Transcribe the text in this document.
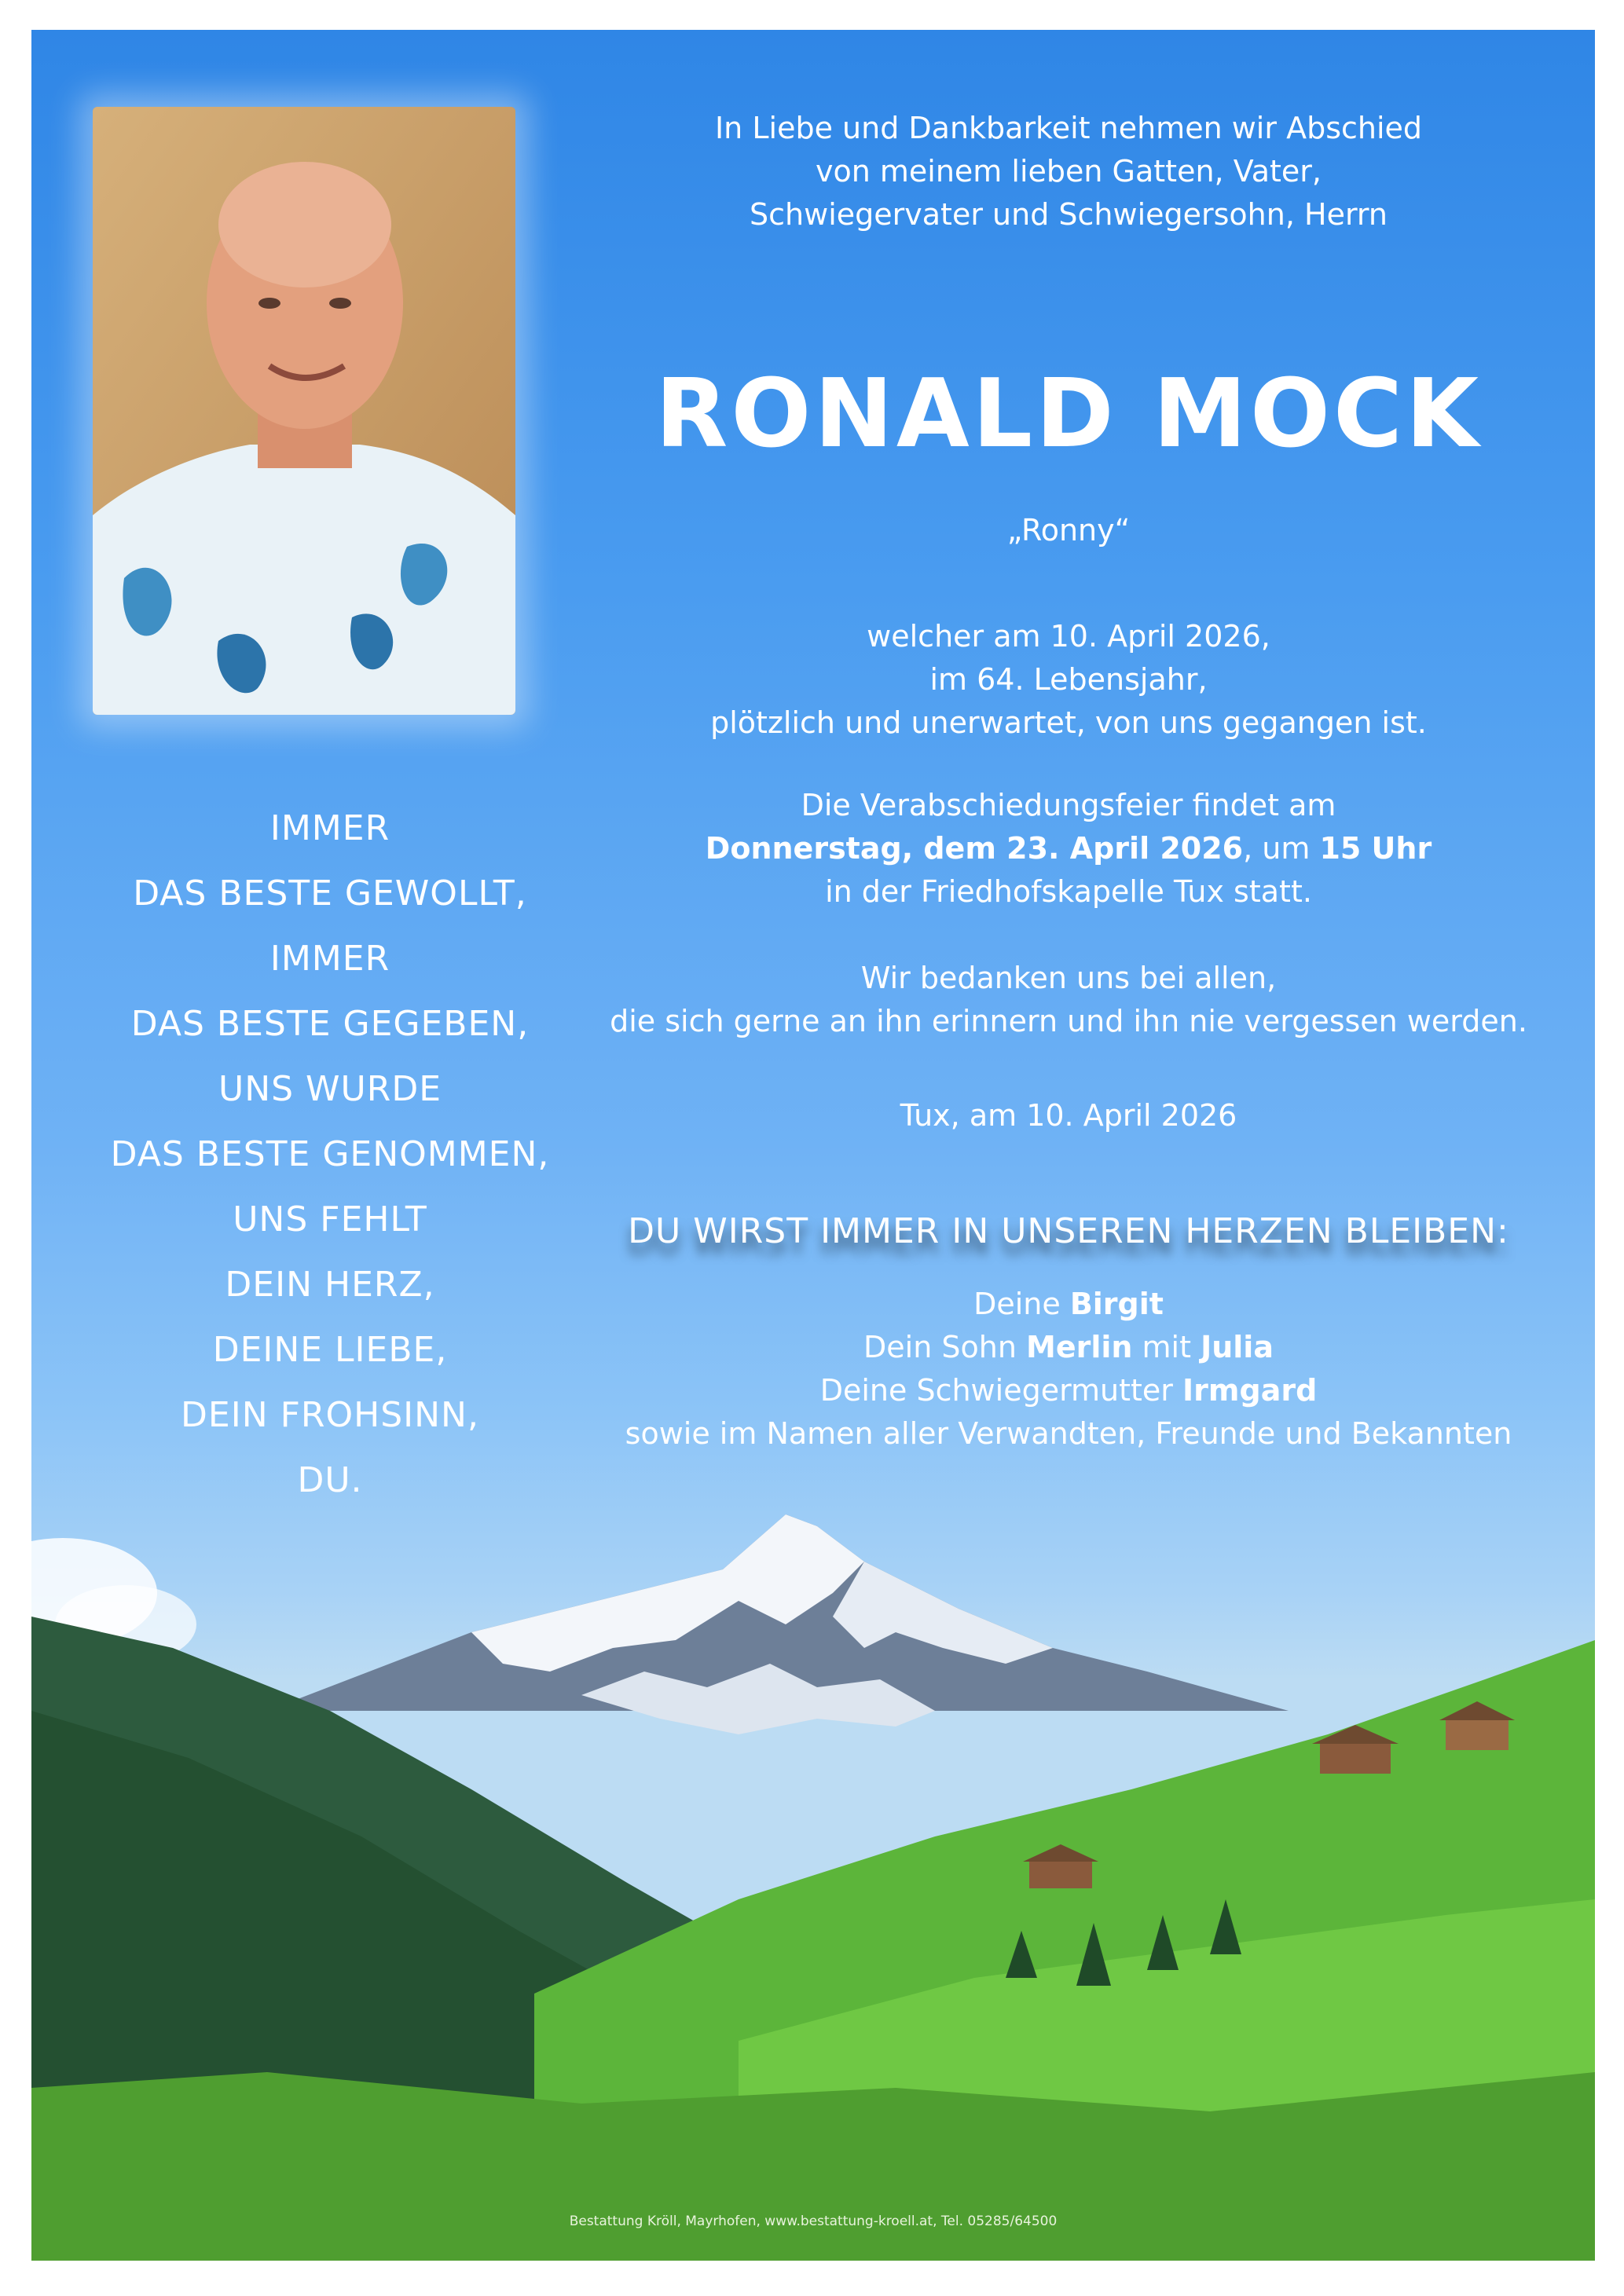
In Liebe und Dankbarkeit nehmen wir Abschied
von meinem lieben Gatten, Vater,
Schwiegervater und Schwiegersohn, Herrn
RONALD MOCK
„Ronny“
welcher am 10. April 2026,
im 64. Lebensjahr,
plötzlich und unerwartet, von uns gegangen ist.
Die Verabschiedungsfeier findet am
Donnerstag, dem 23. April 2026, um 15 Uhr
in der Friedhofskapelle Tux statt.
Wir bedanken uns bei allen,
die sich gerne an ihn erinnern und ihn nie vergessen werden.
Tux, am 10. April 2026
DU WIRST IMMER IN UNSEREN HERZEN BLEIBEN:
Deine Birgit
Dein Sohn Merlin mit Julia
Deine Schwiegermutter Irmgard
sowie im Namen aller Verwandten, Freunde und Bekannten
IMMER
DAS BESTE GEWOLLT,
IMMER
DAS BESTE GEGEBEN,
UNS WURDE
DAS BESTE GENOMMEN,
UNS FEHLT
DEIN HERZ,
DEINE LIEBE,
DEIN FROHSINN,
DU.
Bestattung Kröll, Mayrhofen, www.bestattung-kroell.at, Tel. 05285/64500
